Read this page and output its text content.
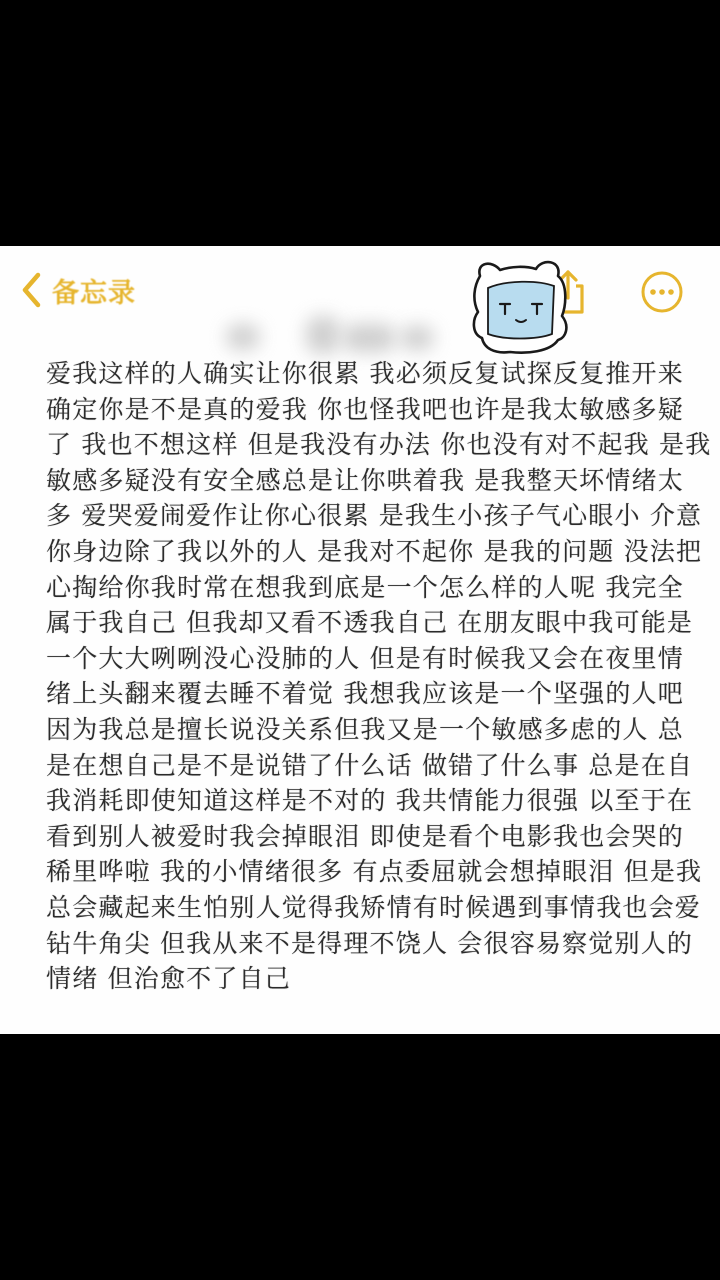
备忘录
爱我这样的人确实让你很累 我必须反复试探反复推开来
确定你是不是真的爱我 你也怪我吧也许是我太敏感多疑
了 我也不想这样 但是我没有办法 你也没有对不起我 是我
敏感多疑没有安全感总是让你哄着我 是我整天坏情绪太
多 爱哭爱闹爱作让你心很累 是我生小孩子气心眼小 介意
你身边除了我以外的人 是我对不起你 是我的问题 没法把
心掏给你我时常在想我到底是一个怎么样的人呢 我完全
属于我自己 但我却又看不透我自己 在朋友眼中我可能是
一个大大咧咧没心没肺的人 但是有时候我又会在夜里情
绪上头翻来覆去睡不着觉 我想我应该是一个坚强的人吧
因为我总是擅长说没关系但我又是一个敏感多虑的人 总
是在想自己是不是说错了什么话 做错了什么事 总是在自
我消耗即使知道这样是不对的 我共情能力很强 以至于在
看到别人被爱时我会掉眼泪 即使是看个电影我也会哭的
稀里哗啦 我的小情绪很多 有点委屈就会想掉眼泪 但是我
总会藏起来生怕别人觉得我矫情有时候遇到事情我也会爱
钻牛角尖 但我从来不是得理不饶人 会很容易察觉别人的
情绪 但治愈不了自己
